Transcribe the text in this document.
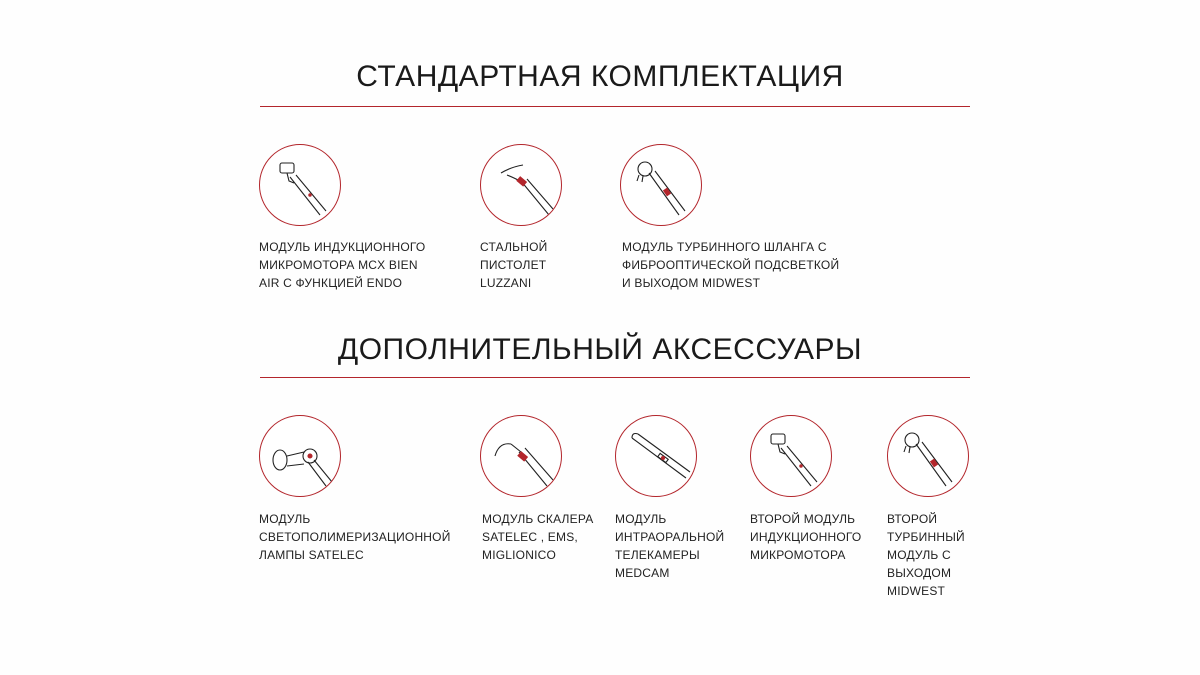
СТАНДАРТНАЯ КОМПЛЕКТАЦИЯ
МОДУЛЬ ИНДУКЦИОННОГО
МИКРОМОТОРА MCX BIEN
AIR С ФУНКЦИЕЙ ENDO
СТАЛЬНОЙ
ПИСТОЛЕТ
LUZZANI
МОДУЛЬ ТУРБИННОГО ШЛАНГА С
ФИБРООПТИЧЕСКОЙ ПОДСВЕТКОЙ
И ВЫХОДОМ MIDWEST
ДОПОЛНИТЕЛЬНЫЙ АКСЕССУАРЫ
МОДУЛЬ
СВЕТОПОЛИМЕРИЗАЦИОННОЙ
ЛАМПЫ SATELEC
МОДУЛЬ СКАЛЕРА
SATELEC , EMS,
MIGLIONICO
МОДУЛЬ
ИНТРАОРАЛЬНОЙ
ТЕЛЕКАМЕРЫ
MEDCAM
ВТОРОЙ МОДУЛЬ
ИНДУКЦИОННОГО
МИКРОМОТОРА
ВТОРОЙ
ТУРБИННЫЙ
МОДУЛЬ С
ВЫХОДОМ
MIDWEST
